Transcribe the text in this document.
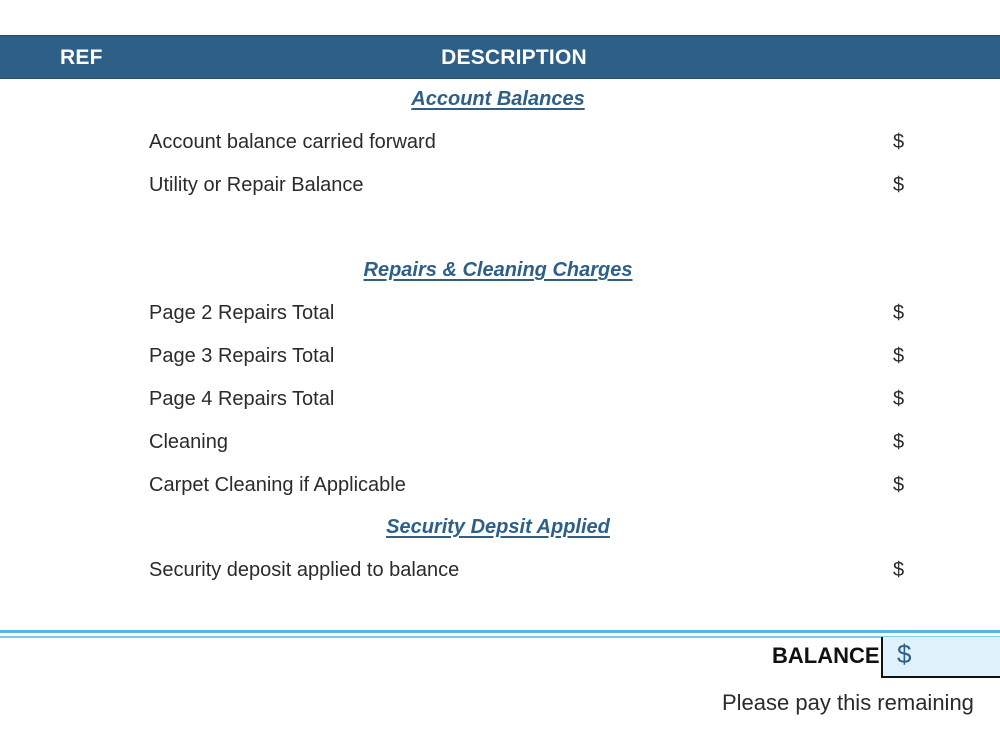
REF	DESCRIPTION
Account Balances
Account balance carried forward	$
Utility or Repair Balance	$
Repairs & Cleaning Charges
Page 2 Repairs Total	$
Page 3 Repairs Total	$
Page 4 Repairs Total	$
Cleaning	$
Carpet Cleaning if Applicable	$
Security Depsit Applied
Security deposit applied to balance	$
BALANCE $
Please pay this remaining
